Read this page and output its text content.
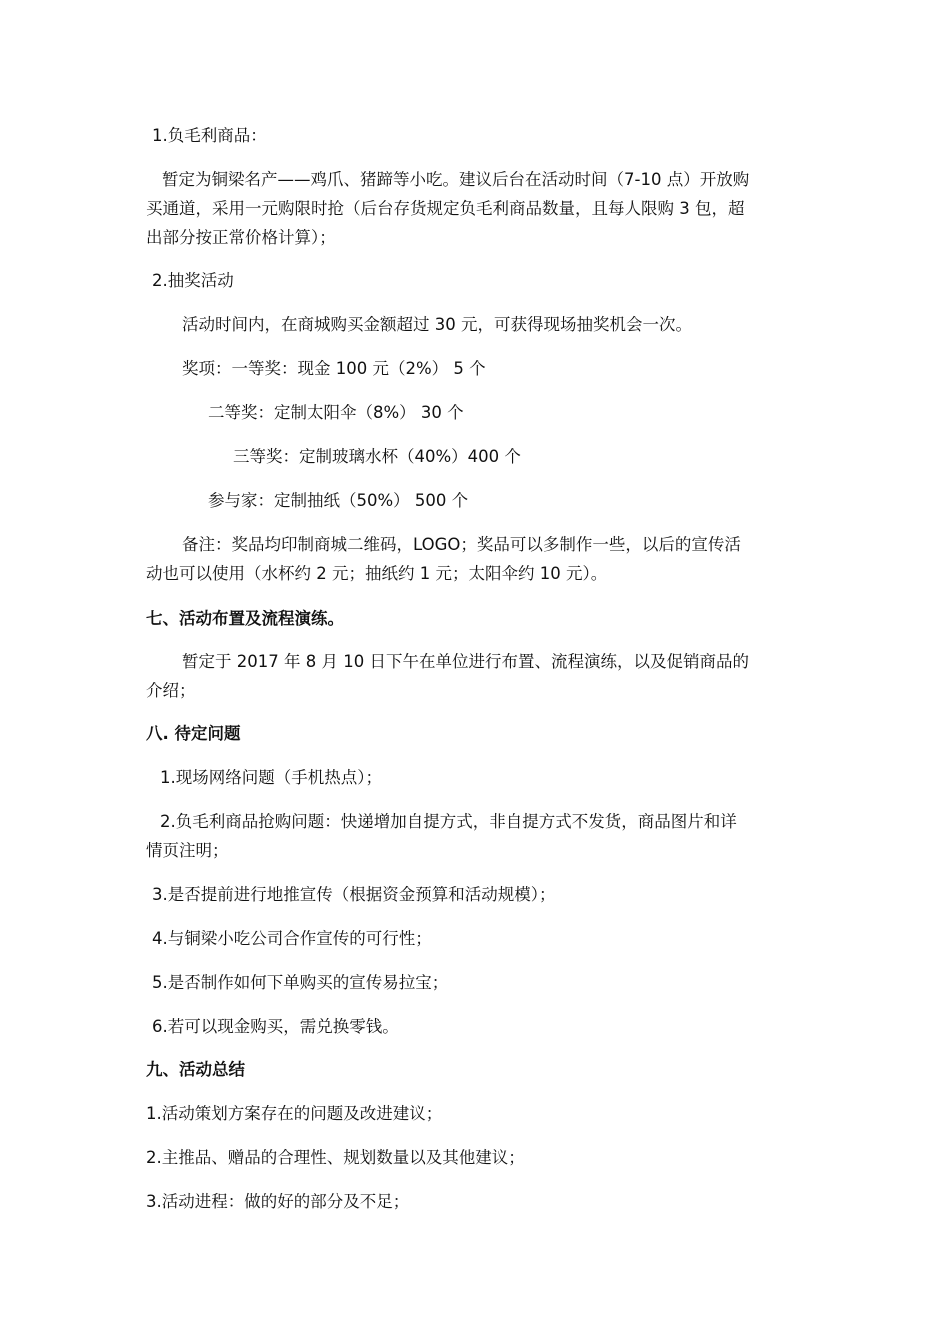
1.负毛利商品：

暂定为铜梁名产——鸡爪、猪蹄等小吃。建议后台在活动时间（7-10 点）开放购

买通道，采用一元购限时抢（后台存货规定负毛利商品数量，且每人限购 3 包，超

出部分按正常价格计算）；

2.抽奖活动

活动时间内，在商城购买金额超过 30 元，可获得现场抽奖机会一次。

奖项：一等奖：现金 100 元（2%） 5 个

二等奖：定制太阳伞（8%） 30 个

三等奖：定制玻璃水杯（40%）400 个

参与家：定制抽纸（50%） 500 个

备注：奖品均印制商城二维码，LOGO；奖品可以多制作一些，以后的宣传活

动也可以使用（水杯约 2 元；抽纸约 1 元；太阳伞约 10 元）。

七、活动布置及流程演练。

暂定于 2017 年 8 月 10 日下午在单位进行布置、流程演练，以及促销商品的

介绍；

八. 待定问题

1.现场网络问题（手机热点）；

2.负毛利商品抢购问题：快递增加自提方式，非自提方式不发货，商品图片和详

情页注明；

3.是否提前进行地推宣传（根据资金预算和活动规模）；

4.与铜梁小吃公司合作宣传的可行性；

5.是否制作如何下单购买的宣传易拉宝；

6.若可以现金购买，需兑换零钱。

九、活动总结

1.活动策划方案存在的问题及改进建议；

2.主推品、赠品的合理性、规划数量以及其他建议；

3.活动进程：做的好的部分及不足；
